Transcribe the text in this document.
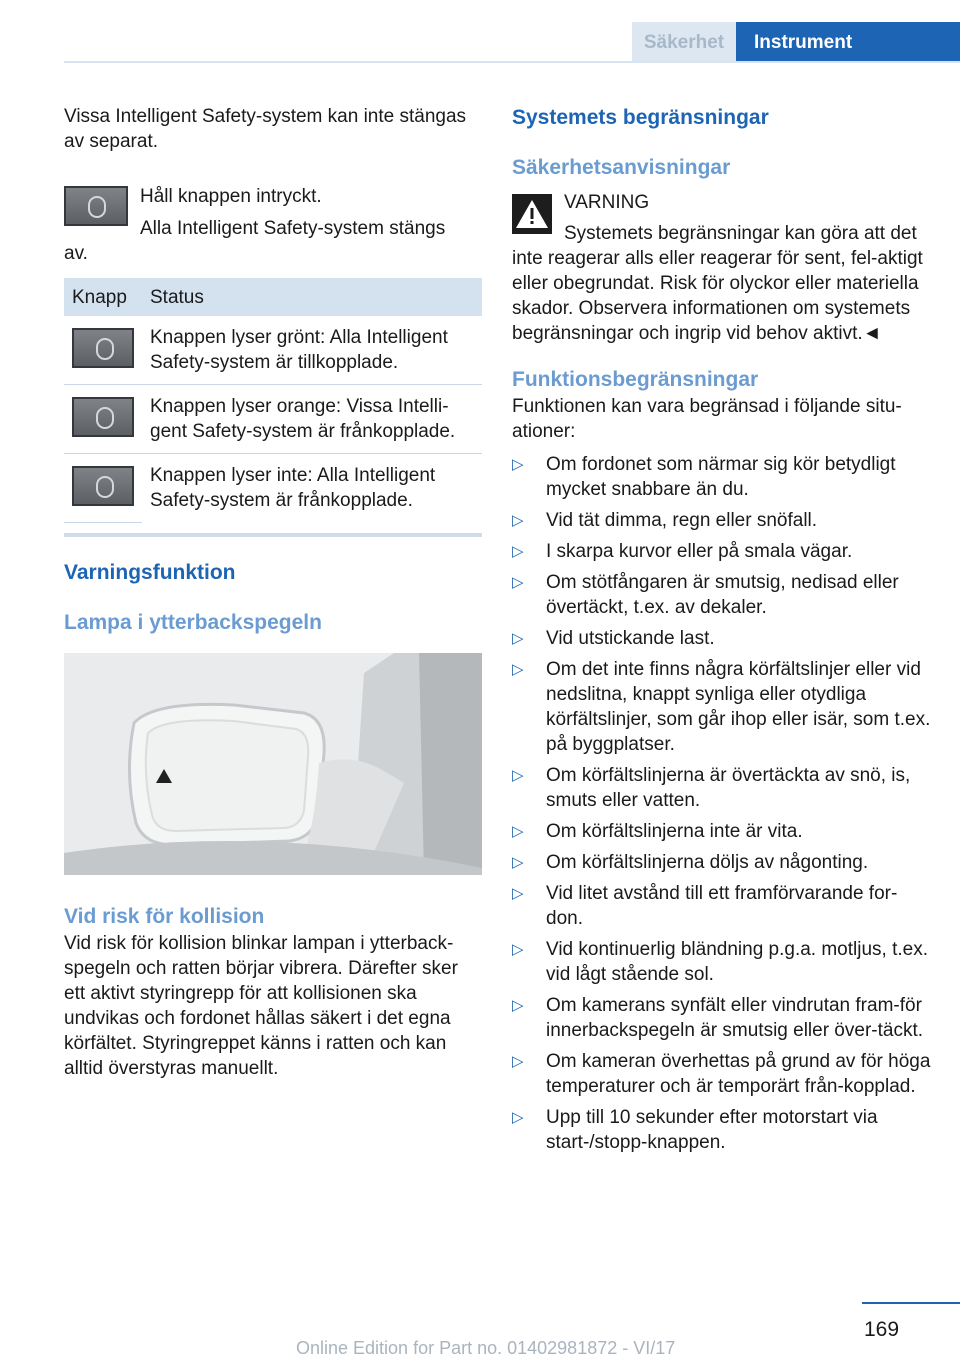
Säkerhet	Instrument

Vissa Intelligent Safety-system kan inte stängas av separat.

Håll knappen intryckt.

Alla Intelligent Safety-system stängs

av.

Knapp	Status
	Knappen lyser grönt: Alla Intelligent Safety-system är tillkopplade.
	Knappen lyser orange: Vissa Intelli-gent Safety-system är frånkopplade.
	Knappen lyser inte: Alla Intelligent Safety-system är frånkopplade.
Varningsfunktion
Lampa i ytterbackspegeln
Vid risk för kollision

Vid risk för kollision blinkar lampan i ytterback-spegeln och ratten börjar vibrera. Därefter sker ett aktivt styringrepp för att kollisionen ska undvikas och fordonet hållas säkert i det egna körfältet. Styringreppet känns i ratten och kan alltid överstyras manuellt.

Systemets begränsningar
Säkerhetsanvisningar

VARNING

Systemets begränsningar kan göra att det inte reagerar alls eller reagerar för sent, fel-aktigt eller obegrundat. Risk för olyckor eller materiella skador. Observera informationen om systemets begränsningar och ingrip vid behov aktivt.◄

Funktionsbegränsningar

Funktionen kan vara begränsad i följande situ-ationer:

▷ Om fordonet som närmar sig kör betydligt mycket snabbare än du.
▷ Vid tät dimma, regn eller snöfall.
▷ I skarpa kurvor eller på smala vägar.
▷ Om stötfångaren är smutsig, nedisad eller övertäckt, t.ex. av dekaler.
▷ Vid utstickande last.
▷ Om det inte finns några körfältslinjer eller vid nedslitna, knappt synliga eller otydliga körfältslinjer, som går ihop eller isär, som t.ex. på byggplatser.
▷ Om körfältslinjerna är övertäckta av snö, is, smuts eller vatten.
▷ Om körfältslinjerna inte är vita.
▷ Om körfältslinjerna döljs av någonting.
▷ Vid litet avstånd till ett framförvarande for-don.
▷ Vid kontinuerlig bländning p.g.a. motljus, t.ex. vid lågt stående sol.
▷ Om kamerans synfält eller vindrutan fram-för innerbackspegeln är smutsig eller över-täckt.
▷ Om kameran överhettas på grund av för höga temperaturer och är temporärt från-kopplad.
▷ Upp till 10 sekunder efter motorstart via start-/stopp-knappen.
169
Online Edition for Part no. 01402981872 - VI/17
